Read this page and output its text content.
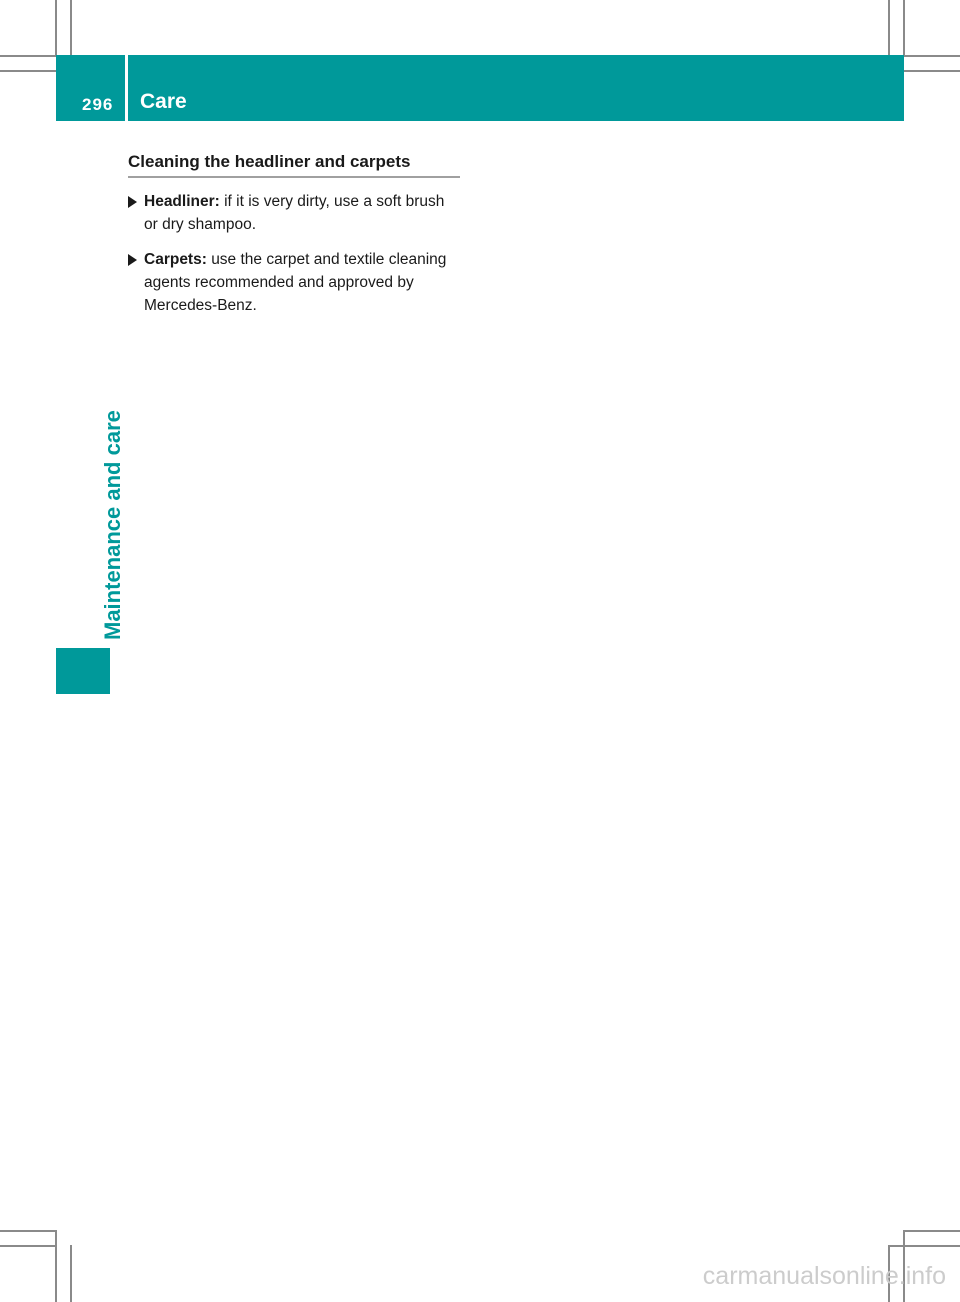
296 Care
Maintenance and care
Cleaning the headliner and carpets
Headliner: if it is very dirty, use a soft brush or dry shampoo.
Carpets: use the carpet and textile cleaning agents recommended and approved by Mercedes-Benz.
carmanualsonline.info
